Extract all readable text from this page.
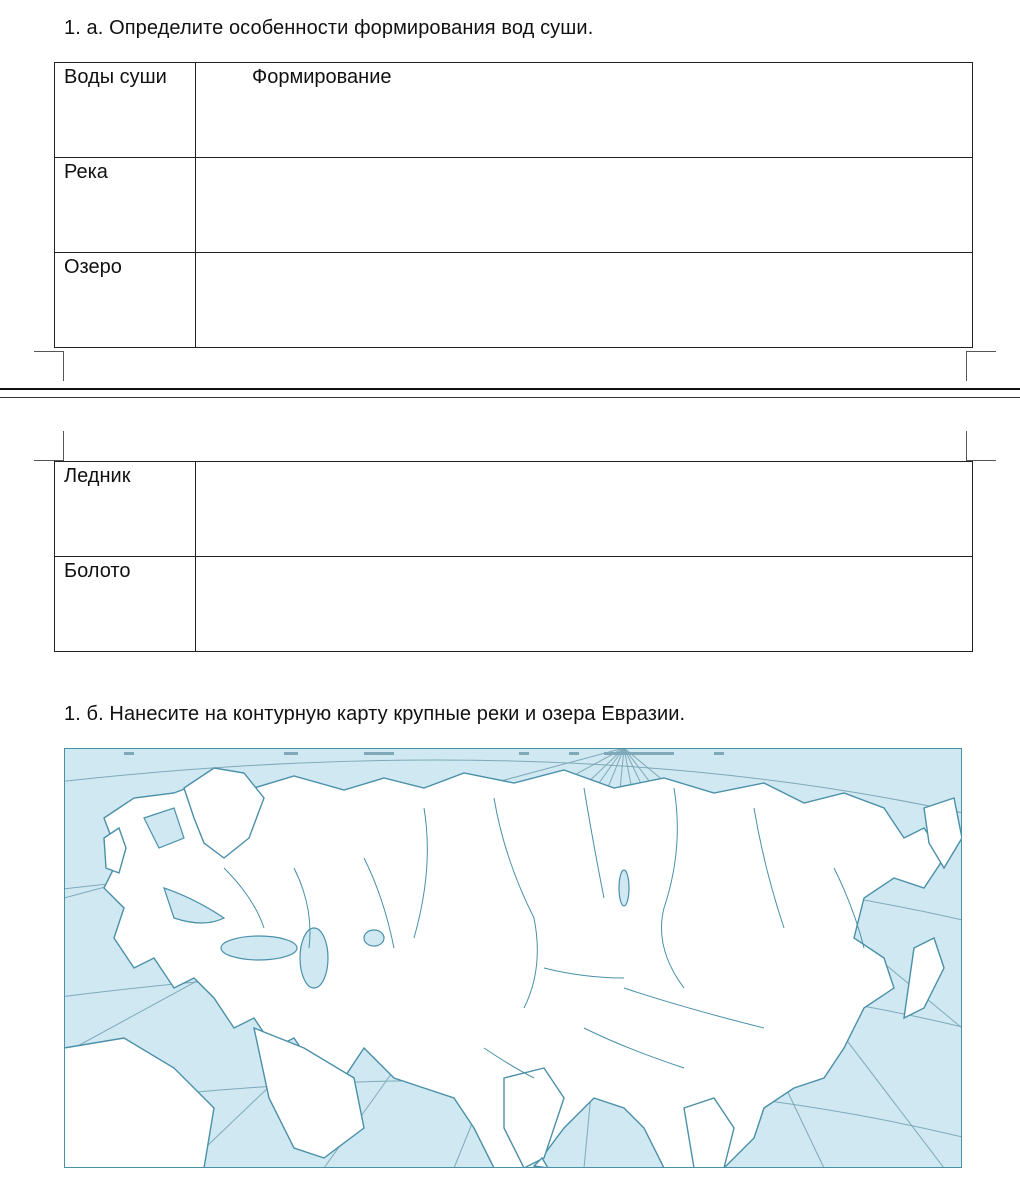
1. а. Определите особенности формирования вод суши.
Воды суши	Формирование
Река	
Озеро	
Ледник	
Болото	
1. б. Нанесите на контурную карту крупные реки и озера Евразии.
